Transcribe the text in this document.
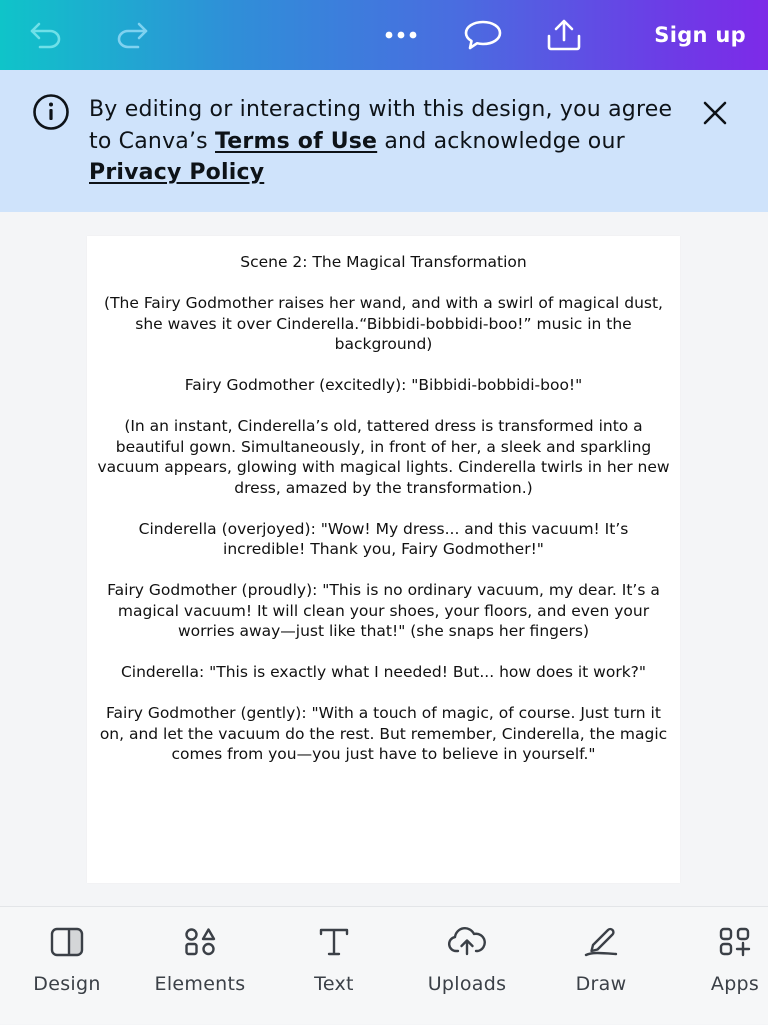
Sign up
By editing or interacting with this design, you agree to Canva’s Terms of Use and acknowledge our Privacy Policy

Scene 2: The Magical Transformation

(The Fairy Godmother raises her wand, and with a swirl of magical dust, she waves it over Cinderella.“Bibbidi-bobbidi-boo!” music in the background)

Fairy Godmother (excitedly): "Bibbidi-bobbidi-boo!"

(In an instant, Cinderella’s old, tattered dress is transformed into a beautiful gown. Simultaneously, in front of her, a sleek and sparkling vacuum appears, glowing with magical lights. Cinderella twirls in her new dress, amazed by the transformation.)

Cinderella (overjoyed): "Wow! My dress... and this vacuum! It’s incredible! Thank you, Fairy Godmother!"

Fairy Godmother (proudly): "This is no ordinary vacuum, my dear. It’s a magical vacuum! It will clean your shoes, your floors, and even your worries away—just like that!" (she snaps her fingers)

Cinderella: "This is exactly what I needed! But... how does it work?"

Fairy Godmother (gently): "With a touch of magic, of course. Just turn it on, and let the vacuum do the rest. But remember, Cinderella, the magic comes from you—you just have to believe in yourself."

Design	Elements	Text	Uploads	Draw	Apps
